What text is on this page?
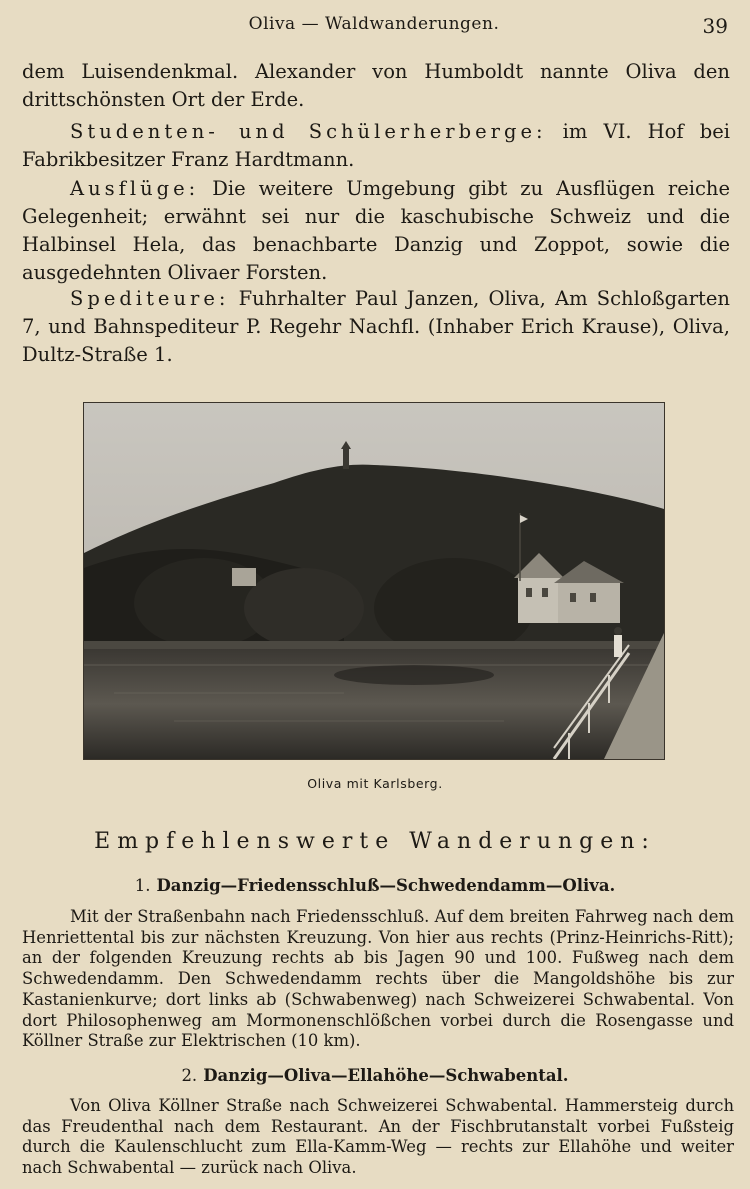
Oliva — Waldwanderungen.	39

dem Luisendenkmal. Alexander von Humboldt nannte Oliva den drittschönsten Ort der Erde.

Studenten- und Schülerherberge: im VI. Hof bei Fabrikbesitzer Franz Hardtmann.

Ausflüge: Die weitere Umgebung gibt zu Ausflügen reiche Gelegenheit; erwähnt sei nur die kaschubische Schweiz und die Halbinsel Hela, das benachbarte Danzig und Zoppot, sowie die ausgedehnten Olivaer Forsten.

Spediteure: Fuhrhalter Paul Janzen, Oliva, Am Schloßgarten 7, und Bahnspediteur P. Regehr Nachfl. (Inhaber Erich Krause), Oliva, Dultz-Straße 1.

Oliva mit Karlsberg.
Empfehlenswerte Wanderungen:
1. Danzig—Friedensschluß—Schwedendamm—Oliva.

Mit der Straßenbahn nach Friedensschluß. Auf dem breiten Fahrweg nach dem Henriettental bis zur nächsten Kreuzung. Von hier aus rechts (Prinz-Heinrichs-Ritt); an der folgenden Kreuzung rechts ab bis Jagen 90 und 100. Fußweg nach dem Schwedendamm. Den Schwedendamm rechts über die Mangoldshöhe bis zur Kastanienkurve; dort links ab (Schwabenweg) nach Schweizerei Schwabental. Von dort Philosophenweg am Mormonenschlößchen vorbei durch die Rosengasse und Köllner Straße zur Elektrischen (10 km).

2. Danzig—Oliva—Ellahöhe—Schwabental.

Von Oliva Köllner Straße nach Schweizerei Schwabental. Hammersteig durch das Freudenthal nach dem Restaurant. An der Fischbrutanstalt vorbei Fußsteig durch die Kaulenschlucht zum Ella-Kamm-Weg — rechts zur Ellahöhe und weiter nach Schwabental — zurück nach Oliva.
